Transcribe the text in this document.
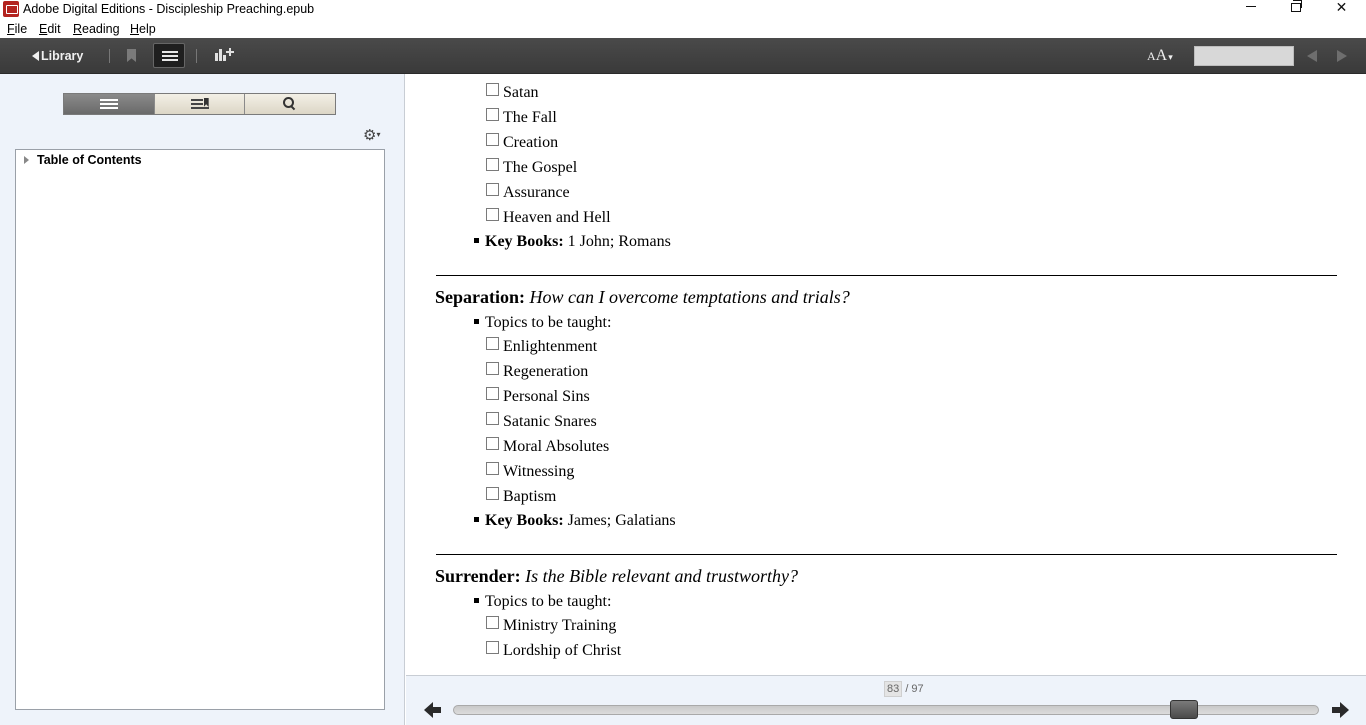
Adobe Digital Editions - Discipleship Preaching.epub	✕
File Edit Reading Help
Library	AA▾
⚙▾
Table of Contents
Satan
The Fall
Creation
The Gospel
Assurance
Heaven and Hell
Key Books: 1 John; Romans
Separation: How can I overcome temptations and trials?
Topics to be taught:
Enlightenment
Regeneration
Personal Sins
Satanic Snares
Moral Absolutes
Witnessing
Baptism
Key Books: James; Galatians
Surrender: Is the Bible relevant and trustworthy?
Topics to be taught:
Ministry Training
Lordship of Christ
83 / 97
